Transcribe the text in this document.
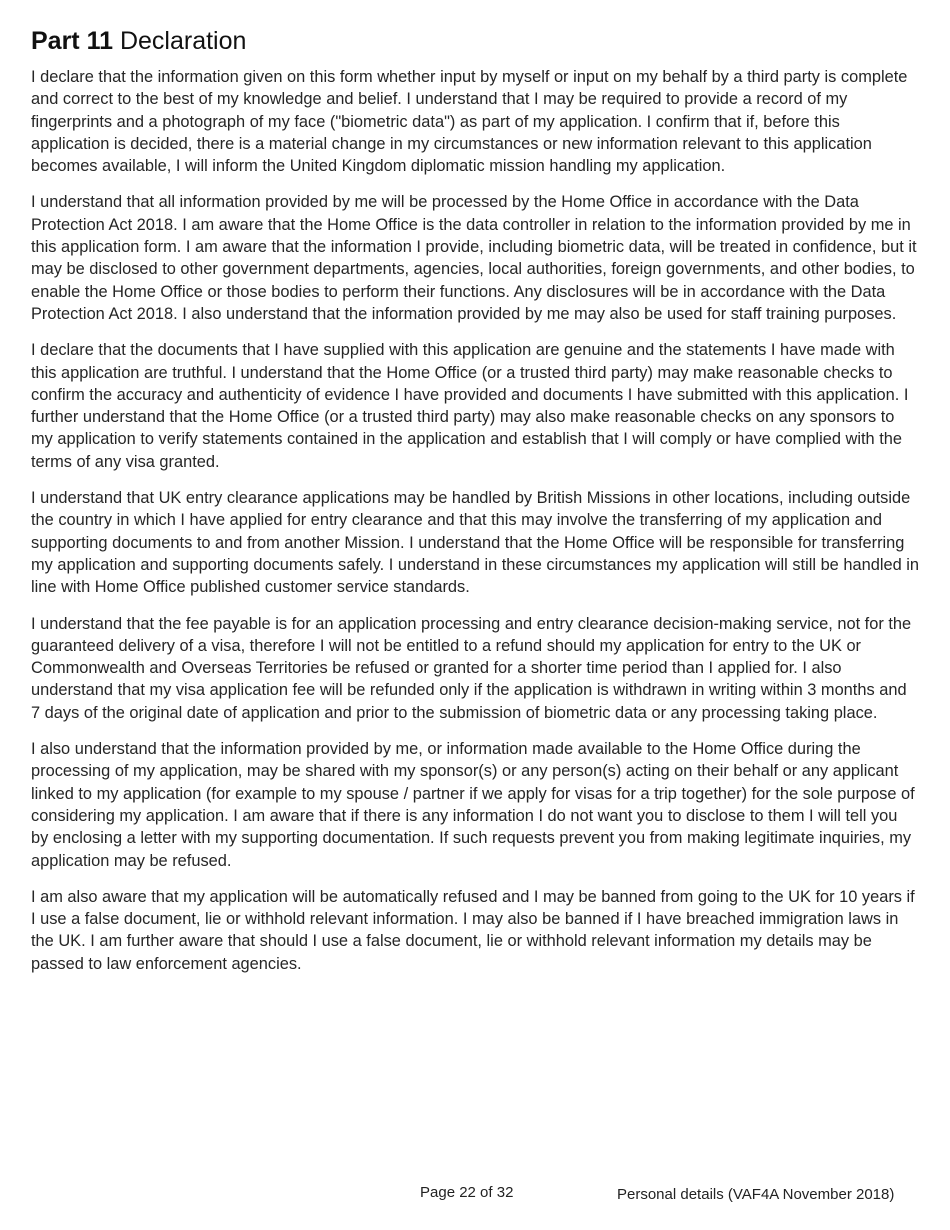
Part 11 Declaration

I declare that the information given on this form whether input by myself or input on my behalf by a third party is complete and correct to the best of my knowledge and belief. I understand that I may be required to provide a record of my fingerprints and a photograph of my face ("biometric data") as part of my application. I confirm that if, before this application is decided, there is a material change in my circumstances or new information relevant to this application becomes available, I will inform the United Kingdom diplomatic mission handling my application.

I understand that all information provided by me will be processed by the Home Office in accordance with the Data Protection Act 2018. I am aware that the Home Office is the data controller in relation to the information provided by me in this application form. I am aware that the information I provide, including biometric data, will be treated in confidence, but it may be disclosed to other government departments, agencies, local authorities, foreign governments, and other bodies, to enable the Home Office or those bodies to perform their functions. Any disclosures will be in accordance with the Data Protection Act 2018. I also understand that the information provided by me may also be used for staff training purposes.

I declare that the documents that I have supplied with this application are genuine and the statements I have made with this application are truthful. I understand that the Home Office (or a trusted third party) may make reasonable checks to confirm the accuracy and authenticity of evidence I have provided and documents I have submitted with this application. I further understand that the Home Office (or a trusted third party) may also make reasonable checks on any sponsors to my application to verify statements contained in the application and establish that I will comply or have complied with the terms of any visa granted.

I understand that UK entry clearance applications may be handled by British Missions in other locations, including outside the country in which I have applied for entry clearance and that this may involve the transferring of my application and supporting documents to and from another Mission. I understand that the Home Office will be responsible for transferring my application and supporting documents safely. I understand in these circumstances my application will still be handled in line with Home Office published customer service standards.

I understand that the fee payable is for an application processing and entry clearance decision-making service, not for the guaranteed delivery of a visa, therefore I will not be entitled to a refund should my application for entry to the UK or Commonwealth and Overseas Territories be refused or granted for a shorter time period than I applied for. I also understand that my visa application fee will be refunded only if the application is withdrawn in writing within 3 months and 7 days of the original date of application and prior to the submission of biometric data or any processing taking place.

I also understand that the information provided by me, or information made available to the Home Office during the processing of my application, may be shared with my sponsor(s) or any person(s) acting on their behalf or any applicant linked to my application (for example to my spouse / partner if we apply for visas for a trip together) for the sole purpose of considering my application. I am aware that if there is any information I do not want you to disclose to them I will tell you by enclosing a letter with my supporting documentation. If such requests prevent you from making legitimate inquiries, my application may be refused.

I am also aware that my application will be automatically refused and I may be banned from going to the UK for 10 years if I use a false document, lie or withhold relevant information. I may also be banned if I have breached immigration laws in the UK. I am further aware that should I use a false document, lie or withhold relevant information my details may be passed to law enforcement agencies.

Page 22 of 32	Personal details (VAF4A November 2018)
